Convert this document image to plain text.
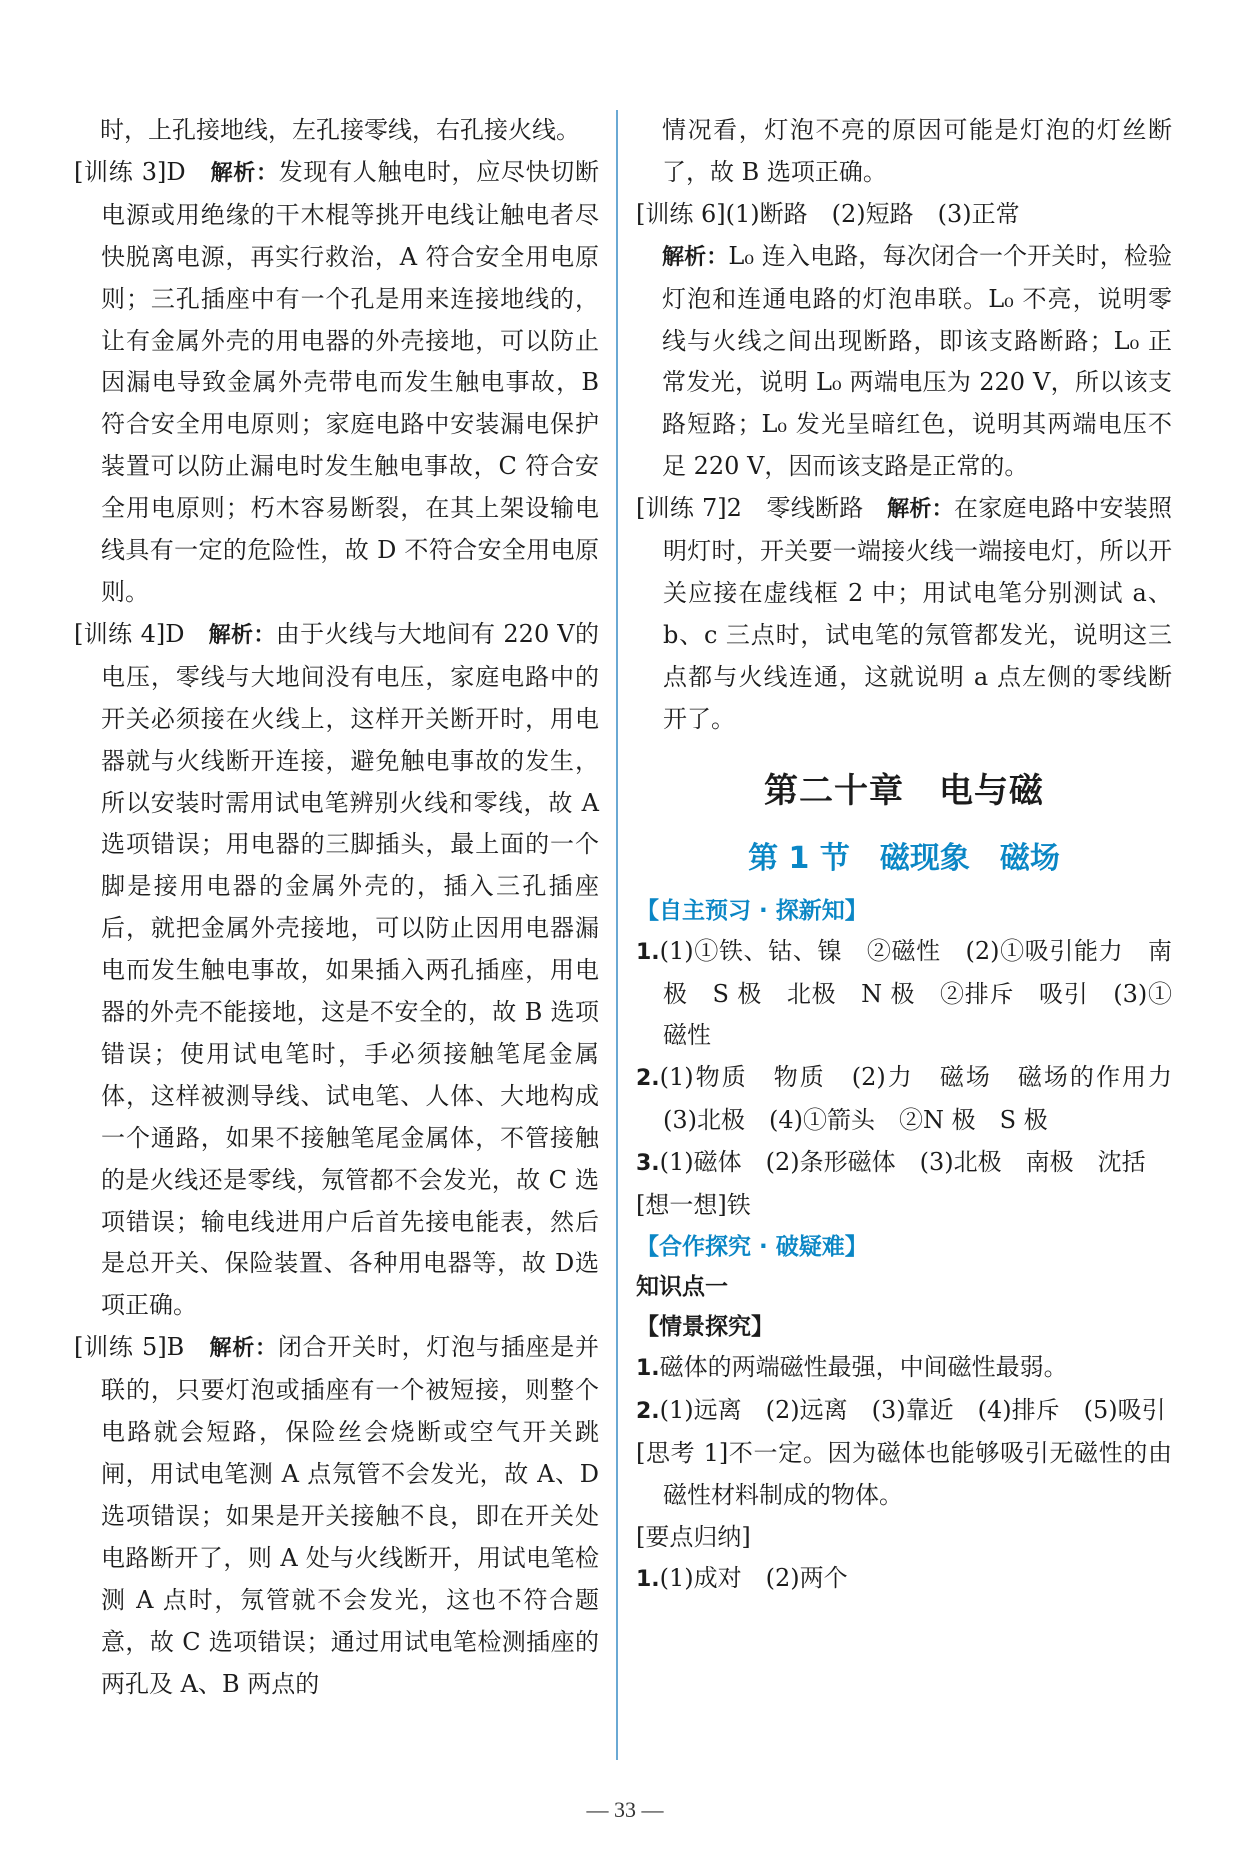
时，上孔接地线，左孔接零线，右孔接火线。

[训练 3]D 解析：发现有人触电时，应尽快切断电源或用绝缘的干木棍等挑开电线让触电者尽快脱离电源，再实行救治，A 符合安全用电原则；三孔插座中有一个孔是用来连接地线的，让有金属外壳的用电器的外壳接地，可以防止因漏电导致金属外壳带电而发生触电事故，B 符合安全用电原则；家庭电路中安装漏电保护装置可以防止漏电时发生触电事故，C 符合安全用电原则；朽木容易断裂，在其上架设输电线具有一定的危险性，故 D 不符合安全用电原则。

[训练 4]D 解析：由于火线与大地间有 220 V的电压，零线与大地间没有电压，家庭电路中的开关必须接在火线上，这样开关断开时，用电器就与火线断开连接，避免触电事故的发生，所以安装时需用试电笔辨别火线和零线，故 A 选项错误；用电器的三脚插头，最上面的一个脚是接用电器的金属外壳的，插入三孔插座后，就把金属外壳接地，可以防止因用电器漏电而发生触电事故，如果插入两孔插座，用电器的外壳不能接地，这是不安全的，故 B 选项错误；使用试电笔时，手必须接触笔尾金属体，这样被测导线、试电笔、人体、大地构成一个通路，如果不接触笔尾金属体，不管接触的是火线还是零线，氖管都不会发光，故 C 选项错误；输电线进用户后首先接电能表，然后是总开关、保险装置、各种用电器等，故 D选项正确。

[训练 5]B 解析：闭合开关时，灯泡与插座是并联的，只要灯泡或插座有一个被短接，则整个电路就会短路，保险丝会烧断或空气开关跳闸，用试电笔测 A 点氖管不会发光，故 A、D 选项错误；如果是开关接触不良，即在开关处电路断开了，则 A 处与火线断开，用试电笔检测 A 点时，氖管就不会发光，这也不符合题意，故 C 选项错误；通过用试电笔检测插座的两孔及 A、B 两点的

情况看，灯泡不亮的原因可能是灯泡的灯丝断了，故 B 选项正确。

[训练 6](1)断路　(2)短路　(3)正常

解析：L₀ 连入电路，每次闭合一个开关时，检验灯泡和连通电路的灯泡串联。L₀ 不亮，说明零线与火线之间出现断路，即该支路断路；L₀ 正常发光，说明 L₀ 两端电压为 220 V，所以该支路短路；L₀ 发光呈暗红色，说明其两端电压不足 220 V，因而该支路是正常的。

[训练 7]2　零线断路 解析：在家庭电路中安装照明灯时，开关要一端接火线一端接电灯，所以开关应接在虚线框 2 中；用试电笔分别测试 a、b、c 三点时，试电笔的氖管都发光，说明这三点都与火线连通，这就说明 a 点左侧的零线断开了。

第二十章　电与磁
第 1 节　磁现象　磁场

【自主预习 · 探新知】

1.(1)①铁、钴、镍　②磁性　(2)①吸引能力　南极　S 极　北极　N 极　②排斥　吸引　(3)①磁性

2.(1)物质　物质　(2)力　磁场　磁场的作用力　(3)北极　(4)①箭头　②N 极　S 极

3.(1)磁体　(2)条形磁体　(3)北极　南极　沈括

[想一想]铁

【合作探究 · 破疑难】

知识点一

【情景探究】

1.磁体的两端磁性最强，中间磁性最弱。

2.(1)远离　(2)远离　(3)靠近　(4)排斥　(5)吸引

[思考 1]不一定。因为磁体也能够吸引无磁性的由磁性材料制成的物体。

[要点归纳]

1.(1)成对　(2)两个

— 33 —
